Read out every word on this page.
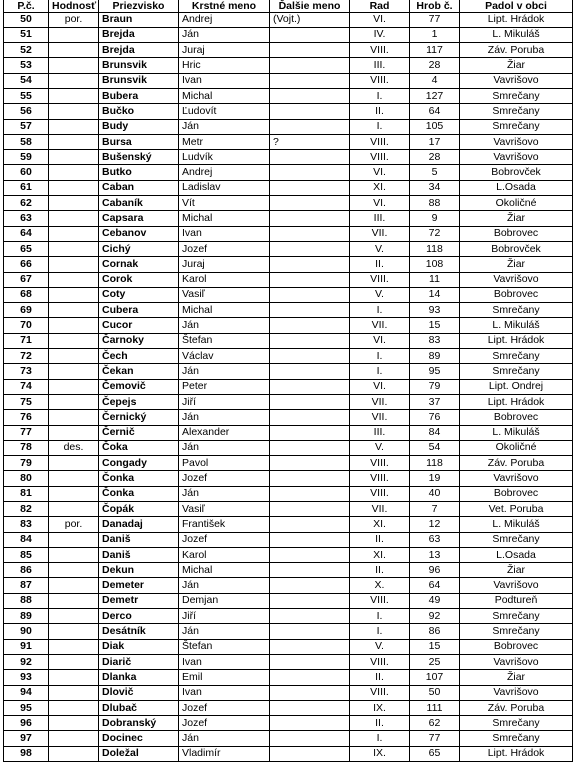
P.č.	Hodnosť	Priezvisko	Krstné meno	Ďalšie meno	Rad	Hrob č.	Padol v obci
50	por.	Braun	Andrej	(Vojt.)	VI.	77	Lipt. Hrádok
51		Brejda	Ján		IV.	1	L. Mikuláš
52		Brejda	Juraj		VIII.	117	Záv. Poruba
53		Brunsvik	Hric		III.	28	Žiar
54		Brunsvik	Ivan		VIII.	4	Vavrišovo
55		Bubera	Michal		I.	127	Smrečany
56		Bučko	Ľudovít		II.	64	Smrečany
57		Budy	Ján		I.	105	Smrečany
58		Bursa	Metr	?	VIII.	17	Vavrišovo
59		Bušenský	Ludvík		VIII.	28	Vavrišovo
60		Butko	Andrej		VI.	5	Bobrovček
61		Caban	Ladislav		XI.	34	L.Osada
62		Cabaník	Vít		VI.	88	Okoličné
63		Capsara	Michal		III.	9	Žiar
64		Cebanov	Ivan		VII.	72	Bobrovec
65		Cichý	Jozef		V.	118	Bobrovček
66		Cornak	Juraj		II.	108	Žiar
67		Corok	Karol		VIII.	11	Vavrišovo
68		Coty	Vasiľ		V.	14	Bobrovec
69		Cubera	Michal		I.	93	Smrečany
70		Cucor	Ján		VII.	15	L. Mikuláš
71		Čarnoky	Štefan		VI.	83	Lipt. Hrádok
72		Čech	Václav		I.	89	Smrečany
73		Čekan	Ján		I.	95	Smrečany
74		Čemovič	Peter		VI.	79	Lipt. Ondrej
75		Čepejs	Jiří		VII.	37	Lipt. Hrádok
76		Černický	Ján		VII.	76	Bobrovec
77		Černič	Alexander		III.	84	L. Mikuláš
78	des.	Čoka	Ján		V.	54	Okoličné
79		Congady	Pavol		VIII.	118	Záv. Poruba
80		Čonka	Jozef		VIII.	19	Vavrišovo
81		Čonka	Ján		VIII.	40	Bobrovec
82		Čopák	Vasiľ		VII.	7	Vet. Poruba
83	por.	Danadaj	František		XI.	12	L. Mikuláš
84		Daniš	Jozef		II.	63	Smrečany
85		Daniš	Karol		XI.	13	L.Osada
86		Dekun	Michal		II.	96	Žiar
87		Demeter	Ján		X.	64	Vavrišovo
88		Demetr	Demjan		VIII.	49	Podtureň
89		Derco	Jiří		I.	92	Smrečany
90		Desátník	Ján		I.	86	Smrečany
91		Diak	Štefan		V.	15	Bobrovec
92		Diarič	Ivan		VIII.	25	Vavrišovo
93		Dlanka	Emil		II.	107	Žiar
94		Dlovič	Ivan		VIII.	50	Vavrišovo
95		Dlubač	Jozef		IX.	111	Záv. Poruba
96		Dobranský	Jozef		II.	62	Smrečany
97		Docinec	Ján		I.	77	Smrečany
98		Doležal	Vladimír		IX.	65	Lipt. Hrádok
